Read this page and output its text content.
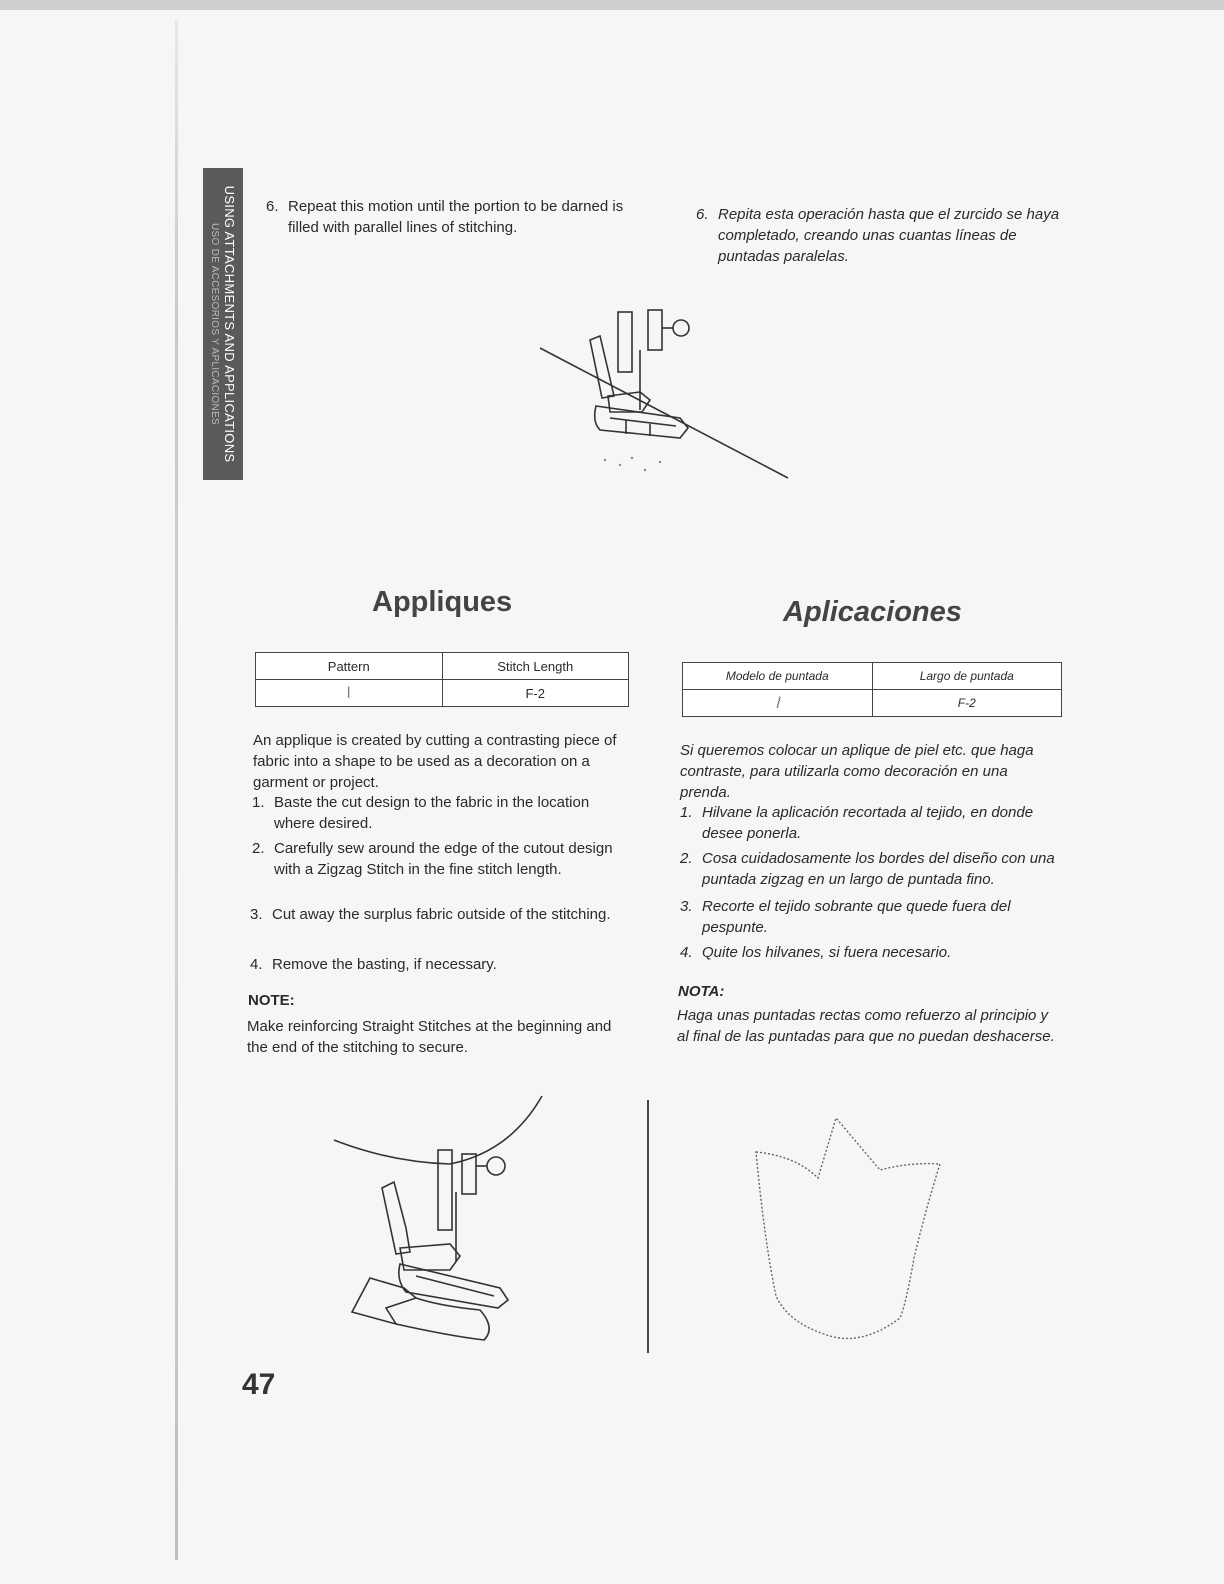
USING ATTACHMENTS AND APPLICATIONS
USO DE ACCESORIOS Y APLICACIONES
6. Repeat this motion until the portion to be darned is filled with parallel lines of stitching.
6. Repita esta operación hasta que el zurcido se haya completado, creando unas cuantas líneas de puntadas paralelas.
Appliques
Pattern	Stitch Length
⦚	F-2
An applique is created by cutting a contrasting piece of fabric into a shape to be used as a decoration on a garment or project.
1. Baste the cut design to the fabric in the location where desired.
2. Carefully sew around the edge of the cutout design with a Zigzag Stitch in the fine stitch length.
3. Cut away the surplus fabric outside of the stitching.
4. Remove the basting, if necessary.
NOTE:
Make reinforcing Straight Stitches at the beginning and the end of the stitching to secure.
Aplicaciones
Modelo de puntada	Largo de puntada
⦚	F-2
Si queremos colocar un aplique de piel etc. que haga contraste, para utilizarla como decoración en una prenda.
1. Hilvane la aplicación recortada al tejido, en donde desee ponerla.
2. Cosa cuidadosamente los bordes del diseño con una puntada zigzag en un largo de puntada fino.
3. Recorte el tejido sobrante que quede fuera del pespunte.
4. Quite los hilvanes, si fuera necesario.
NOTA:
Haga unas puntadas rectas como refuerzo al principio y al final de las puntadas para que no puedan deshacerse.
47
